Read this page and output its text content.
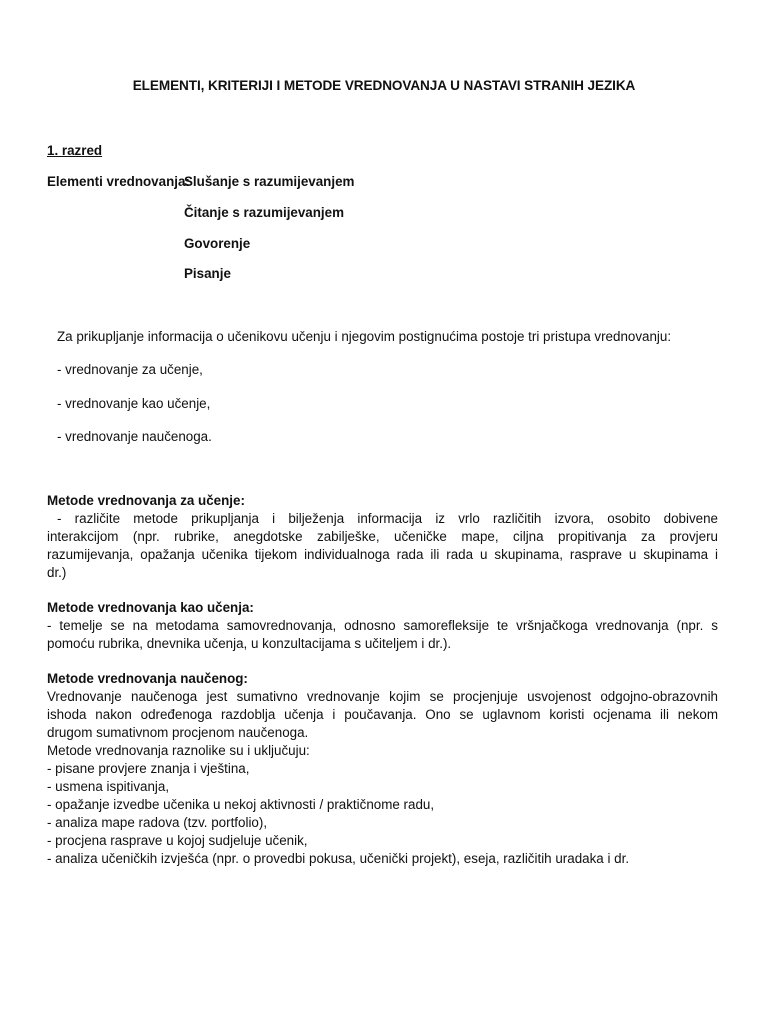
ELEMENTI, KRITERIJI I METODE VREDNOVANJA U NASTAVI STRANIH JEZIKA
1. razred
Elementi vrednovanja:
Slušanje s razumijevanjem
Čitanje s razumijevanjem
Govorenje
Pisanje
Za prikupljanje informacija o učenikovu učenju i njegovim postignućima postoje tri pristupa vrednovanju:
- vrednovanje za učenje,
- vrednovanje kao učenje,
- vrednovanje naučenoga.
Metode vrednovanja za učenje:
- različite metode prikupljanja i bilježenja informacija iz vrlo različitih izvora, osobito dobivene
interakcijom (npr. rubrike, anegdotske zabilješke, učeničke mape, ciljna propitivanja za provjeru
razumijevanja, opažanja učenika tijekom individualnoga rada ili rada u skupinama, rasprave u skupinama i
dr.)
Metode vrednovanja kao učenja:
- temelje se na metodama samovrednovanja, odnosno samorefleksije te vršnjačkoga vrednovanja (npr. s
pomoću rubrika, dnevnika učenja, u konzultacijama s učiteljem i dr.).
Metode vrednovanja naučenog:
Vrednovanje naučenoga jest sumativno vrednovanje kojim se procjenjuje usvojenost odgojno-obrazovnih
ishoda nakon određenoga razdoblja učenja i poučavanja. Ono se uglavnom koristi ocjenama ili nekom
drugom sumativnom procjenom naučenoga.
Metode vrednovanja raznolike su i uključuju:
- pisane provjere znanja i vještina,
- usmena ispitivanja,
- opažanje izvedbe učenika u nekoj aktivnosti / praktičnome radu,
- analiza mape radova (tzv. portfolio),
- procjena rasprave u kojoj sudjeluje učenik,
- analiza učeničkih izvješća (npr. o provedbi pokusa, učenički projekt), eseja, različitih uradaka i dr.
